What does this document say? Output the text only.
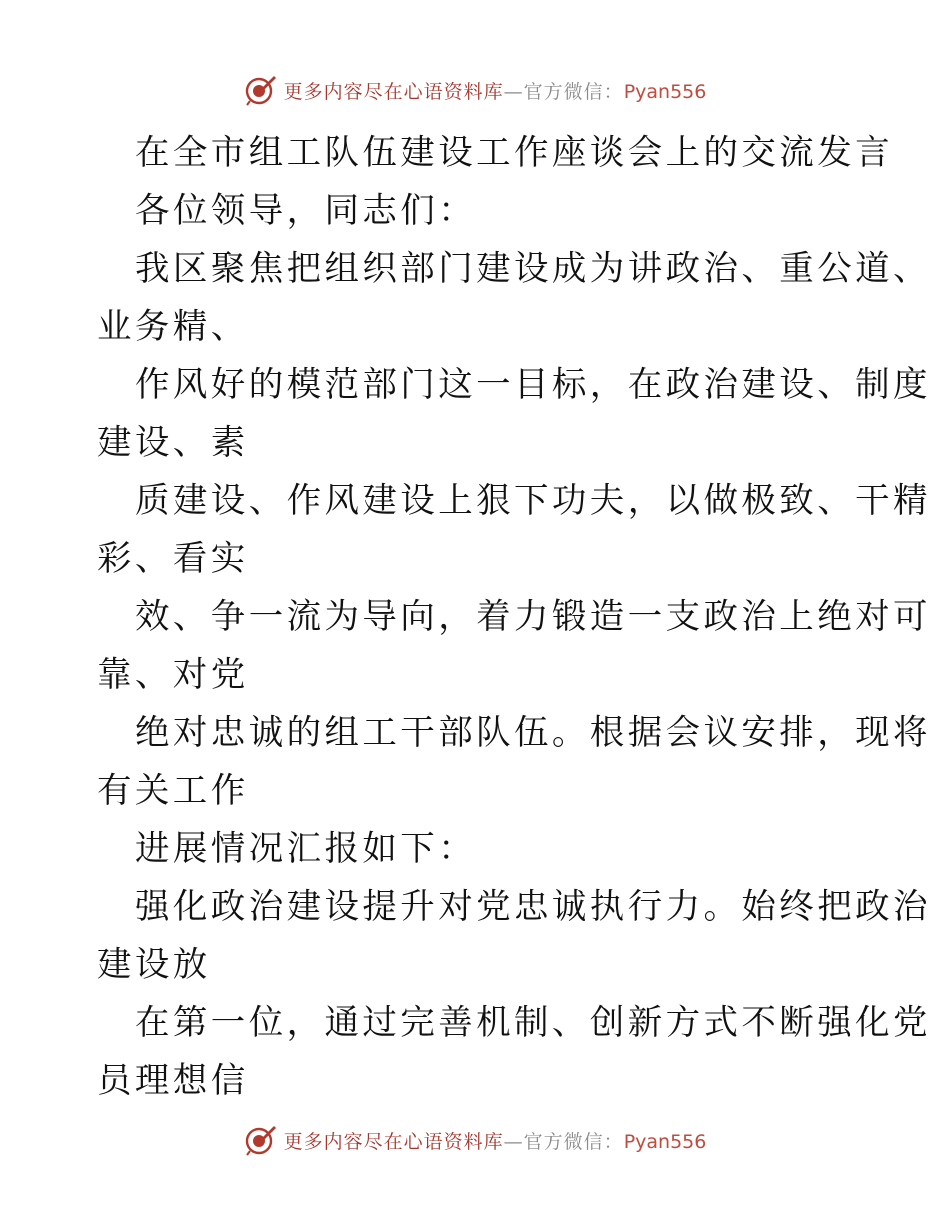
更多内容尽在心语资料库—官方微信：Pyan556
在全市组工队伍建设工作座谈会上的交流发言
各位领导，同志们：
我区聚焦把组织部门建设成为讲政治、重公道、
业务精、
作风好的模范部门这一目标，在政治建设、制度
建设、素
质建设、作风建设上狠下功夫，以做极致、干精
彩、看实
效、争一流为导向，着力锻造一支政治上绝对可
靠、对党
绝对忠诚的组工干部队伍。根据会议安排，现将
有关工作
进展情况汇报如下：
强化政治建设提升对党忠诚执行力。始终把政治
建设放
在第一位，通过完善机制、创新方式不断强化党
员理想信
更多内容尽在心语资料库—官方微信：Pyan556
